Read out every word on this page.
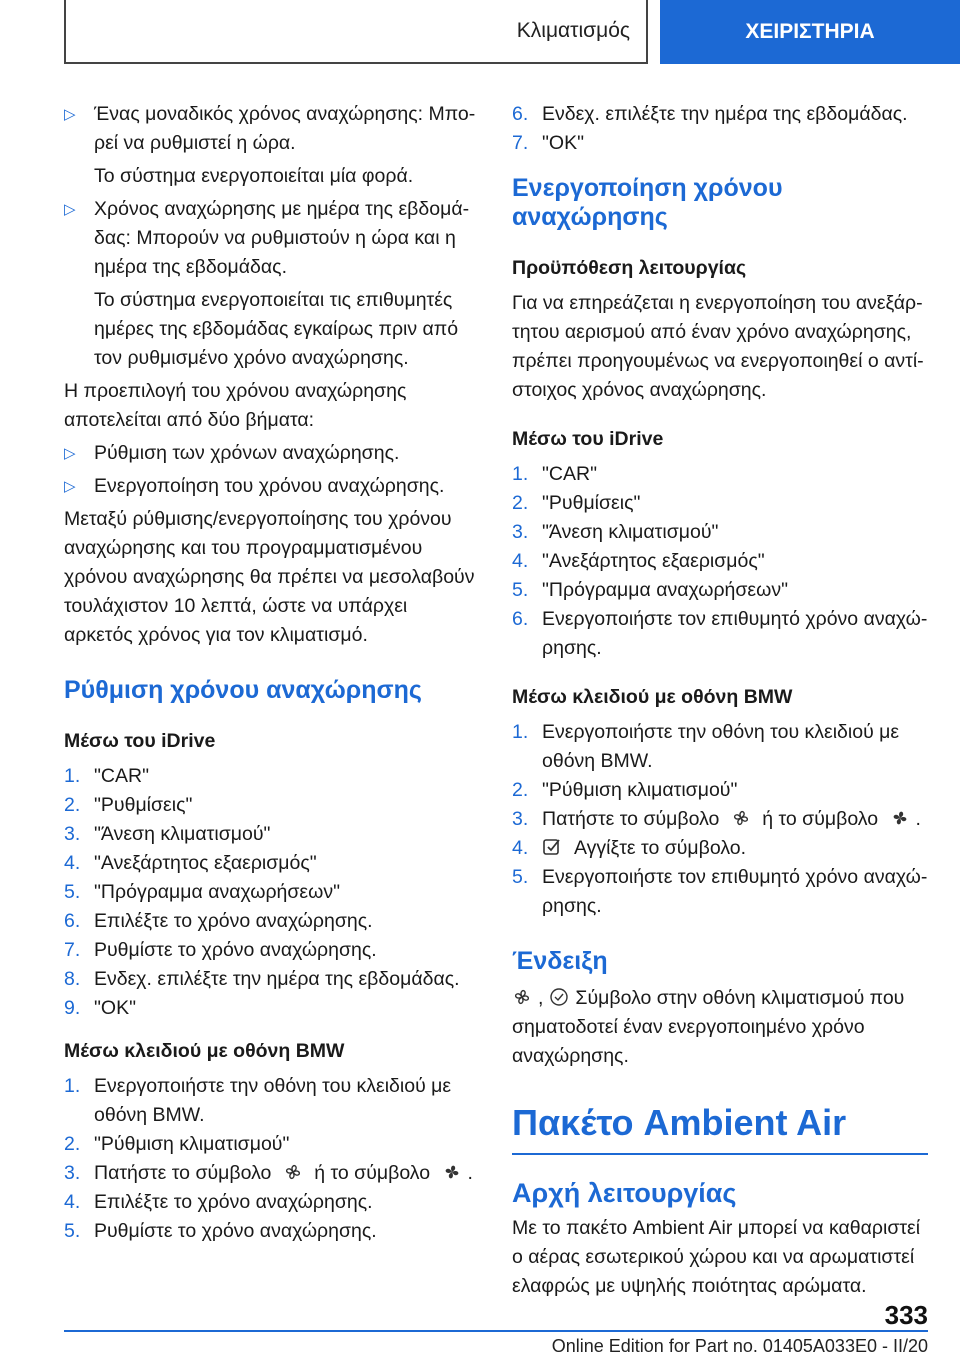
Κλιματισμός	ΧΕΙΡΙΣΤΗΡΙΑ
▷ Ένας μοναδικός χρόνος αναχώρησης: Μπορεί να ρυθμιστεί η ώρα.
Το σύστημα ενεργοποιείται μία φορά.
▷ Χρόνος αναχώρησης με ημέρα της εβδομάδας: Μπορούν να ρυθμιστούν η ώρα και η ημέρα της εβδομάδας.
Το σύστημα ενεργοποιείται τις επιθυμητές ημέρες της εβδομάδας εγκαίρως πριν από τον ρυθμισμένο χρόνο αναχώρησης.
Η προεπιλογή του χρόνου αναχώρησης αποτελείται από δύο βήματα:
▷ Ρύθμιση των χρόνων αναχώρησης.
▷ Ενεργοποίηση του χρόνου αναχώρησης.
Μεταξύ ρύθμισης/ενεργοποίησης του χρόνου αναχώρησης και του προγραμματισμένου χρόνου αναχώρησης θα πρέπει να μεσολαβούν τουλάχιστον 10 λεπτά, ώστε να υπάρχει αρκετός χρόνος για τον κλιματισμό.
Ρύθμιση χρόνου αναχώρησης
Μέσω του iDrive
1. "CAR"
2. "Ρυθμίσεις"
3. "Άνεση κλιματισμού"
4. "Ανεξάρτητος εξαερισμός"
5. "Πρόγραμμα αναχωρήσεων"
6. Επιλέξτε το χρόνο αναχώρησης.
7. Ρυθμίστε το χρόνο αναχώρησης.
8. Ενδεχ. επιλέξτε την ημέρα της εβδομάδας.
9. "OK"
Μέσω κλειδιού με οθόνη BMW
1. Ενεργοποιήστε την οθόνη του κλειδιού με οθόνη BMW.
2. "Ρύθμιση κλιματισμού"
3. Πατήστε το σύμβολο ή το σύμβολο .
4. Επιλέξτε το χρόνο αναχώρησης.
5. Ρυθμίστε το χρόνο αναχώρησης.
6. Ενδεχ. επιλέξτε την ημέρα της εβδομάδας.
7. "OK"
Ενεργοποίηση χρόνου αναχώρησης
Προϋπόθεση λειτουργίας
Για να επηρεάζεται η ενεργοποίηση του ανεξάρτητου αερισμού από έναν χρόνο αναχώρησης, πρέπει προηγουμένως να ενεργοποιηθεί ο αντίστοιχος χρόνος αναχώρησης.
Μέσω του iDrive
1. "CAR"
2. "Ρυθμίσεις"
3. "Άνεση κλιματισμού"
4. "Ανεξάρτητος εξαερισμός"
5. "Πρόγραμμα αναχωρήσεων"
6. Ενεργοποιήστε τον επιθυμητό χρόνο αναχώρησης.
Μέσω κλειδιού με οθόνη BMW
1. Ενεργοποιήστε την οθόνη του κλειδιού με οθόνη BMW.
2. "Ρύθμιση κλιματισμού"
3. Πατήστε το σύμβολο ή το σύμβολο .
4. Αγγίξτε το σύμβολο.
5. Ενεργοποιήστε τον επιθυμητό χρόνο αναχώρησης.
Ένδειξη
, Σύμβολο στην οθόνη κλιματισμού που σηματοδοτεί έναν ενεργοποιημένο χρόνο αναχώρησης.
Πακέτο Ambient Air
Αρχή λειτουργίας
Με το πακέτο Ambient Air μπορεί να καθαριστεί ο αέρας εσωτερικού χώρου και να αρωματιστεί ελαφρώς με υψηλής ποιότητας αρώματα.
333
Online Edition for Part no. 01405A033E0 - II/20
